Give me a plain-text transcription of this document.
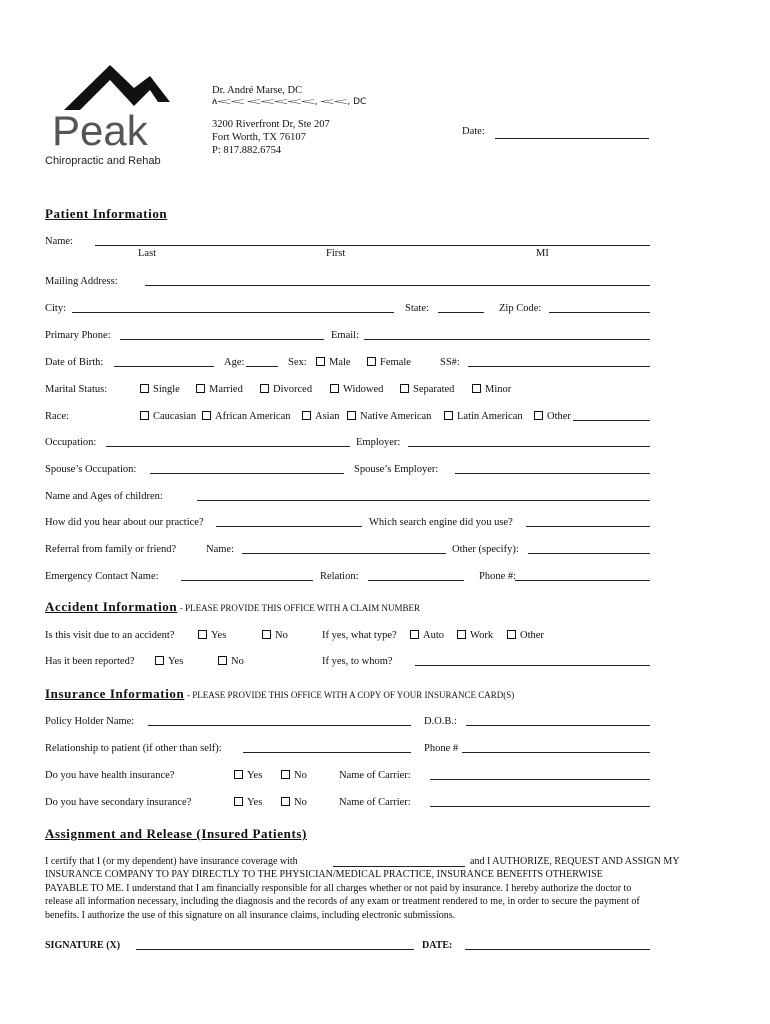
Peak
Chiropractic and Rehab
Dr. André Marse, DC
ለ𝆒𝆒 𝆒𝆒𝆒𝆒𝆒, 𝆒𝆒, DC
3200 Riverfront Dr, Ste 207
Fort Worth, TX 76107
P: 817.882.6754
Date:
Patient Information
Name:
Last	First	MI
Mailing Address:
City:	State:	Zip Code:
Primary Phone:	Email:
Date of Birth:	Age:	Sex:	Male	Female	SS#:
Marital Status:	Single	Married	Divorced	Widowed	Separated	Minor
Race:	Caucasian	African American	Asian	Native American	Latin American	Other
Occupation:	Employer:
Spouse’s Occupation:	Spouse’s Employer:
Name and Ages of children:
How did you hear about our practice?	Which search engine did you use?
Referral from family or friend?	Name:	Other (specify):
Emergency Contact Name:	Relation:	Phone #:
Accident Information - PLEASE PROVIDE THIS OFFICE WITH A CLAIM NUMBER
Is this visit due to an accident?	Yes	No	If yes, what type?	Auto	Work	Other
Has it been reported?	Yes	No	If yes, to whom?
Insurance Information - PLEASE PROVIDE THIS OFFICE WITH A COPY OF YOUR INSURANCE CARD(S)
Policy Holder Name:	D.O.B.:
Relationship to patient (if other than self):	Phone #
Do you have health insurance?	Yes	No	Name of Carrier:
Do you have secondary insurance?	Yes	No	Name of Carrier:
Assignment and Release (Insured Patients)
I certify that I (or my dependent) have insurance coverage with	and I AUTHORIZE, REQUEST AND ASSIGN MY
INSURANCE COMPANY TO PAY DIRECTLY TO THE PHYSICIAN/MEDICAL PRACTICE, INSURANCE BENEFITS OTHERWISE
PAYABLE TO ME. I understand that I am financially responsible for all charges whether or not paid by insurance. I hereby authorize the doctor to
release all information necessary, including the diagnosis and the records of any exam or treatment rendered to me, in order to secure the payment of
benefits. I authorize the use of this signature on all insurance claims, including electronic submissions.
SIGNATURE (X)	DATE:
